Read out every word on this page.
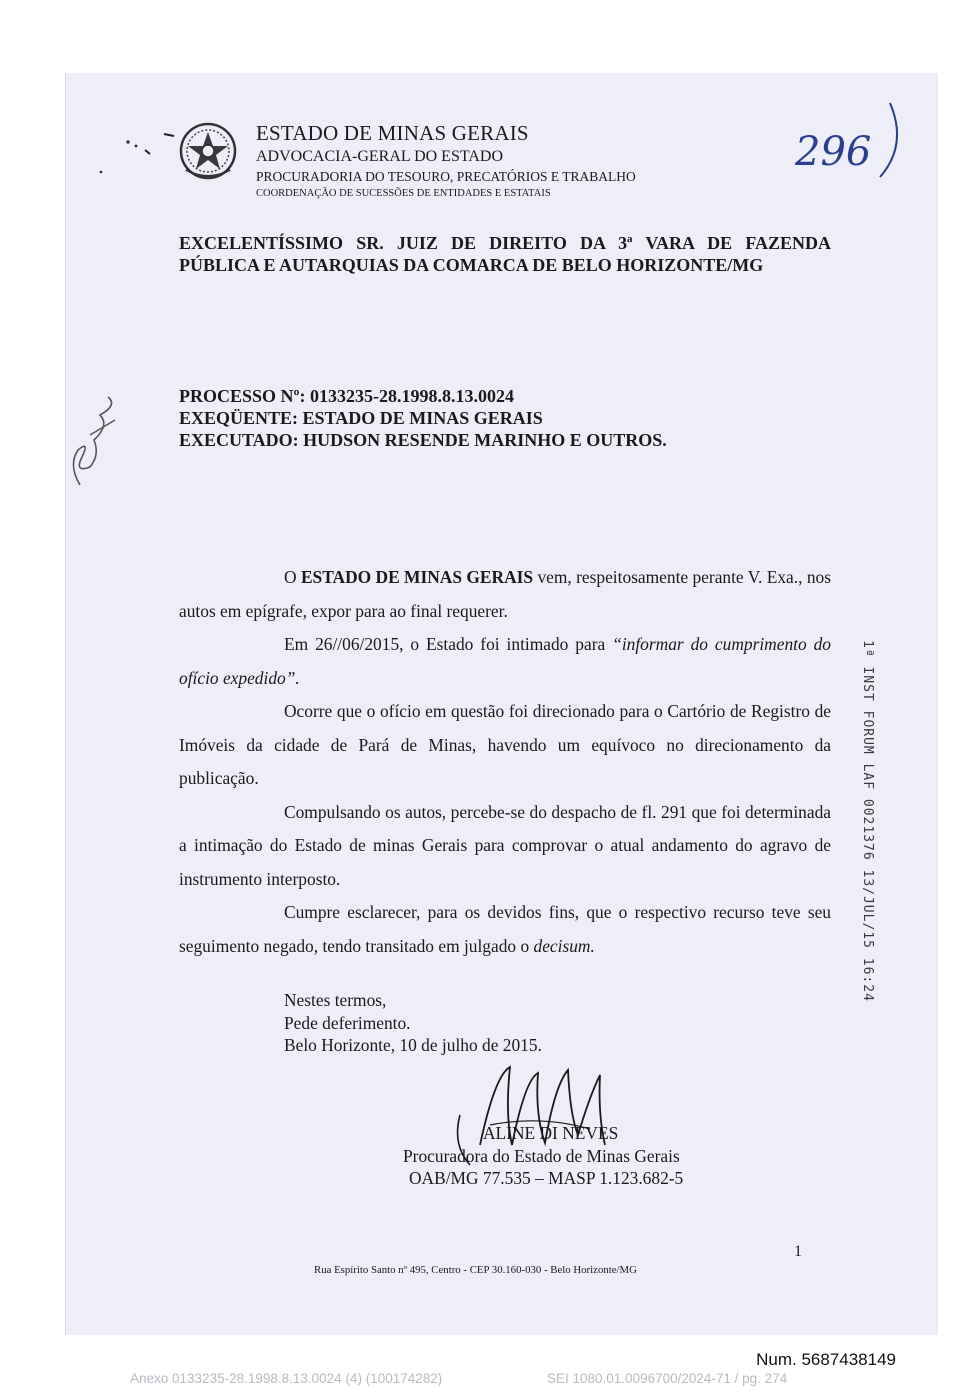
ESTADO DE MINAS GERAIS
ADVOCACIA-GERAL DO ESTADO
PROCURADORIA DO TESOURO, PRECATÓRIOS E TRABALHO
COORDENAÇÃO DE SUCESSÕES DE ENTIDADES E ESTATAIS
296
EXCELENTÍSSIMO SR. JUIZ DE DIREITO DA 3ª VARA DE FAZENDA
PÚBLICA E AUTARQUIAS DA COMARCA DE BELO HORIZONTE/MG
PROCESSO Nº: 0133235-28.1998.8.13.0024
EXEQÜENTE: ESTADO DE MINAS GERAIS
EXECUTADO: HUDSON RESENDE MARINHO E OUTROS.

O ESTADO DE MINAS GERAIS vem, respeitosamente perante V. Exa., nos autos em epígrafe, expor para ao final requerer.

Em 26//06/2015, o Estado foi intimado para “informar do cumprimento do ofício expedido”.

Ocorre que o ofício em questão foi direcionado para o Cartório de Registro de Imóveis da cidade de Pará de Minas, havendo um equívoco no direcionamento da publicação.

Compulsando os autos, percebe-se do despacho de fl. 291 que foi determinada a intimação do Estado de minas Gerais para comprovar o atual andamento do agravo de instrumento interposto.

Cumpre esclarecer, para os devidos fins, que o respectivo recurso teve seu seguimento negado, tendo transitado em julgado o decisum.

Nestes termos,
Pede deferimento.
Belo Horizonte, 10 de julho de 2015.
ALINE DI NEVES
Procuradora do Estado de Minas Gerais
OAB/MG 77.535 – MASP 1.123.682-5
1
Rua Espírito Santo nº 495, Centro - CEP 30.160-030 - Belo Horizonte/MG
1ª INST FORUM LAF 0021376 13/JUL/15 16:24
Num. 5687438149
Anexo 0133235-28.1998.8.13.0024 (4) (100174282)	SEI 1080.01.0096700/2024-71 / pg. 274
